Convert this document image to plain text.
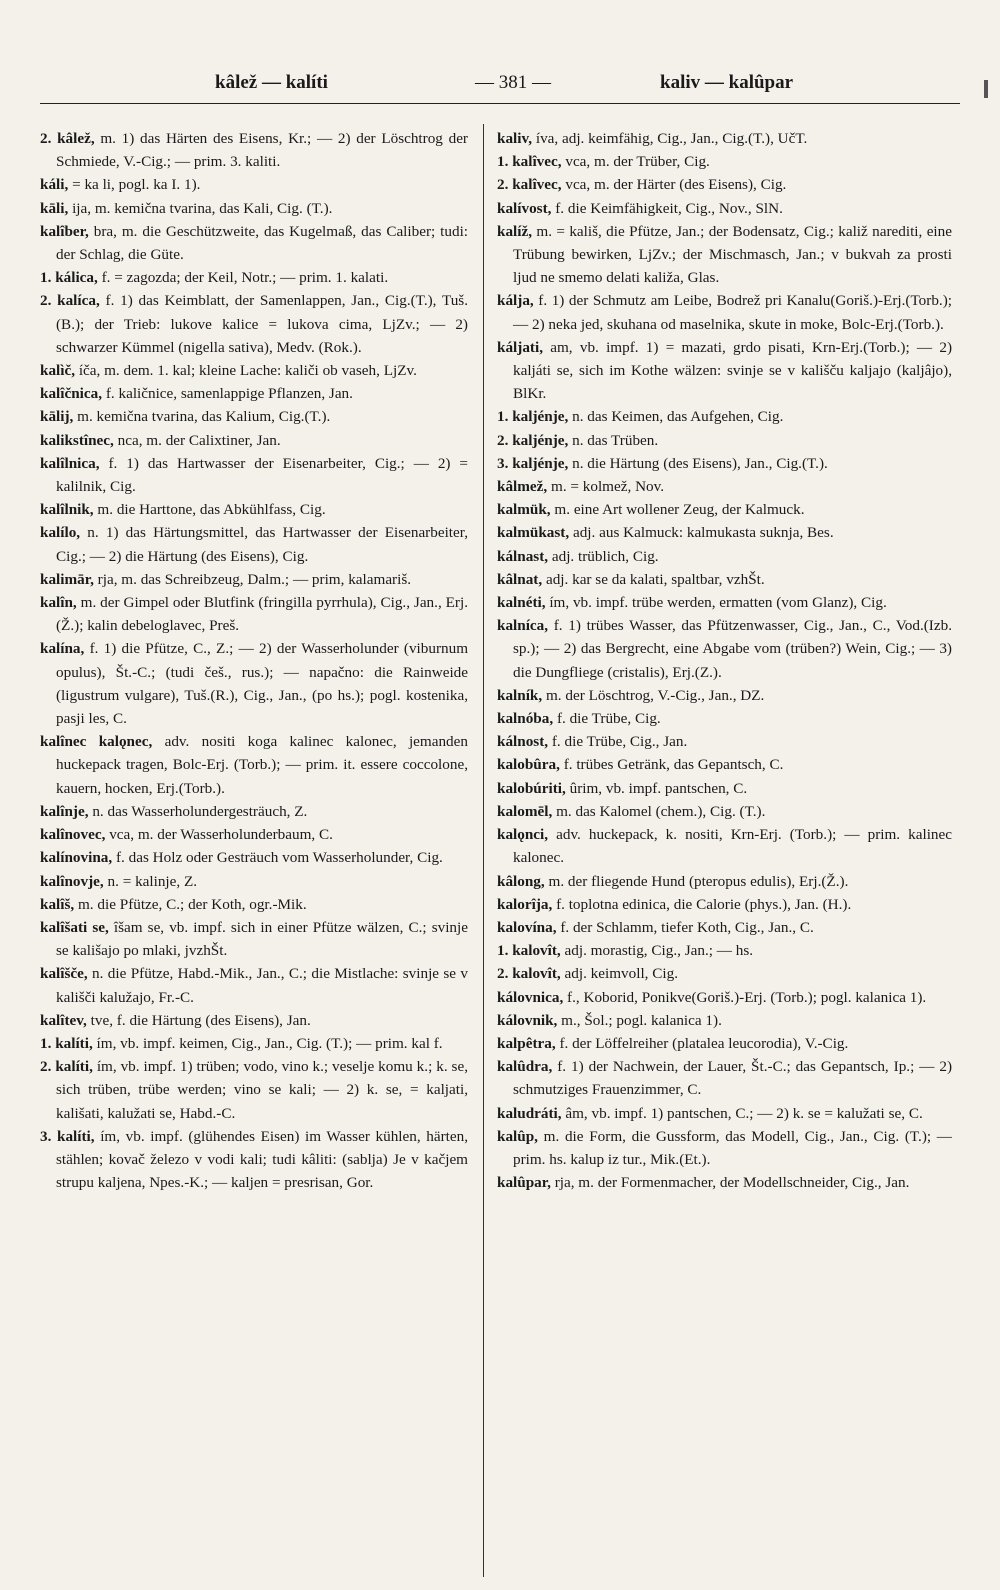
kâlež — kalíti	— 381 —	kaliv — kalûpar
2. kâlež, m. 1) das Härten des Eisens, Kr.; — 2) der Löschtrog der Schmiede, V.-Cig.; — prim. 3. kaliti.
káli, = ka li, pogl. ka I. 1).
kāli, ija, m. kemična tvarina, das Kali, Cig. (T.).
kalîber, bra, m. die Geschützweite, das Kugelmaß, das Caliber; tudi: der Schlag, die Güte.
1. kálica, f. = zagozda; der Keil, Notr.; — prim. 1. kalati.
2. kalíca, f. 1) das Keimblatt, der Samenlappen, Jan., Cig.(T.), Tuš.(B.); der Trieb: lukove kalice = lukova cima, LjZv.; — 2) schwarzer Kümmel (nigella sativa), Medv. (Rok.).
kalìč, íča, m. dem. 1. kal; kleine Lache: kaliči ob vaseh, LjZv.
kalîčnica, f. kaličnice, samenlappige Pflanzen, Jan.
kālij, m. kemična tvarina, das Kalium, Cig.(T.).
kalikstînec, nca, m. der Calixtiner, Jan.
kalîlnica, f. 1) das Hartwasser der Eisenarbeiter, Cig.; — 2) = kalilnik, Cig.
kalîlnik, m. die Harttone, das Abkühlfass, Cig.
kalílo, n. 1) das Härtungsmittel, das Hartwasser der Eisenarbeiter, Cig.; — 2) die Härtung (des Eisens), Cig.
kalimār, rja, m. das Schreibzeug, Dalm.; — prim, kalamariš.
kalîn, m. der Gimpel oder Blutfink (fringilla pyrrhula), Cig., Jan., Erj. (Ž.); kalin debeloglavec, Preš.
kalína, f. 1) die Pfütze, C., Z.; — 2) der Wasserholunder (viburnum opulus), Št.-C.; (tudi češ., rus.); — napačno: die Rainweide (ligustrum vulgare), Tuš.(R.), Cig., Jan., (po hs.); pogl. kostenika, pasji les, C.
kalînec kalǫnec, adv. nositi koga kalinec kalonec, jemanden huckepack tragen, Bolc-Erj. (Torb.); — prim. it. essere coccolone, kauern, hocken, Erj.(Torb.).
kalînje, n. das Wasserholundergesträuch, Z.
kalînovec, vca, m. der Wasserholunderbaum, C.
kalínovina, f. das Holz oder Gesträuch vom Wasserholunder, Cig.
kalînovje, n. = kalinje, Z.
kalîš, m. die Pfütze, C.; der Koth, ogr.-Mik.
kalîšati se, îšam se, vb. impf. sich in einer Pfütze wälzen, C.; svinje se kališajo po mlaki, jvzhŠt.
kalîšče, n. die Pfütze, Habd.-Mik., Jan., C.; die Mistlache: svinje se v kališči kalužajo, Fr.-C.
kalîtev, tve, f. die Härtung (des Eisens), Jan.
1. kalíti, ím, vb. impf. keimen, Cig., Jan., Cig. (T.); — prim. kal f.
2. kalíti, ím, vb. impf. 1) trüben; vodo, vino k.; veselje komu k.; k. se, sich trüben, trübe werden; vino se kali; — 2) k. se, = kaljati, kališati, kalužati se, Habd.-C.
3. kalíti, ím, vb. impf. (glühendes Eisen) im Wasser kühlen, härten, stählen; kovač železo v vodi kali; tudi kâliti: (sablja) Je v kačjem strupu kaljena, Npes.-K.; — kaljen = presrisan, Gor.
kaliv, íva, adj. keimfähig, Cig., Jan., Cig.(T.), UčT.
1. kalîvec, vca, m. der Trüber, Cig.
2. kalîvec, vca, m. der Härter (des Eisens), Cig.
kalívost, f. die Keimfähigkeit, Cig., Nov., SlN.
kalíž, m. = kališ, die Pfütze, Jan.; der Bodensatz, Cig.; kaliž narediti, eine Trübung bewirken, LjZv.; der Mischmasch, Jan.; v bukvah za prosti ljud ne smemo delati kaliža, Glas.
kálja, f. 1) der Schmutz am Leibe, Bodrež pri Kanalu(Goriš.)-Erj.(Torb.); — 2) neka jed, skuhana od maselnika, skute in moke, Bolc-Erj.(Torb.).
káljati, am, vb. impf. 1) = mazati, grdo pisati, Krn-Erj.(Torb.); — 2) kaljáti se, sich im Kothe wälzen: svinje se v kališču kaljajo (kaljâjo), BlKr.
1. kaljénje, n. das Keimen, das Aufgehen, Cig.
2. kaljénje, n. das Trüben.
3. kaljénje, n. die Härtung (des Eisens), Jan., Cig.(T.).
kâlmež, m. = kolmež, Nov.
kalmük, m. eine Art wollener Zeug, der Kalmuck.
kalmükast, adj. aus Kalmuck: kalmukasta suknja, Bes.
kálnast, adj. trüblich, Cig.
kâlnat, adj. kar se da kalati, spaltbar, vzhŠt.
kalnéti, ím, vb. impf. trübe werden, ermatten (vom Glanz), Cig.
kalníca, f. 1) trübes Wasser, das Pfützenwasser, Cig., Jan., C., Vod.(Izb. sp.); — 2) das Bergrecht, eine Abgabe vom (trüben?) Wein, Cig.; — 3) die Dungfliege (cristalis), Erj.(Z.).
kalník, m. der Löschtrog, V.-Cig., Jan., DZ.
kalnóba, f. die Trübe, Cig.
kálnost, f. die Trübe, Cig., Jan.
kalobûra, f. trübes Getränk, das Gepantsch, C.
kalobúriti, ûrim, vb. impf. pantschen, C.
kalomēl, m. das Kalomel (chem.), Cig. (T.).
kalǫnci, adv. huckepack, k. nositi, Krn-Erj. (Torb.); — prim. kalinec kalonec.
kâlong, m. der fliegende Hund (pteropus edulis), Erj.(Ž.).
kalorîja, f. toplotna edinica, die Calorie (phys.), Jan. (H.).
kalovína, f. der Schlamm, tiefer Koth, Cig., Jan., C.
1. kalovît, adj. morastig, Cig., Jan.; — hs.
2. kalovît, adj. keimvoll, Cig.
kálovnica, f., Koborid, Ponikve(Goriš.)-Erj. (Torb.); pogl. kalanica 1).
kálovnik, m., Šol.; pogl. kalanica 1).
kalpêtra, f. der Löffelreiher (platalea leucorodia), V.-Cig.
kalûdra, f. 1) der Nachwein, der Lauer, Št.-C.; das Gepantsch, Ip.; — 2) schmutziges Frauenzimmer, C.
kaludráti, âm, vb. impf. 1) pantschen, C.; — 2) k. se = kalužati se, C.
kalûp, m. die Form, die Gussform, das Modell, Cig., Jan., Cig. (T.); — prim. hs. kalup iz tur., Mik.(Et.).
kalûpar, rja, m. der Formenmacher, der Modellschneider, Cig., Jan.
